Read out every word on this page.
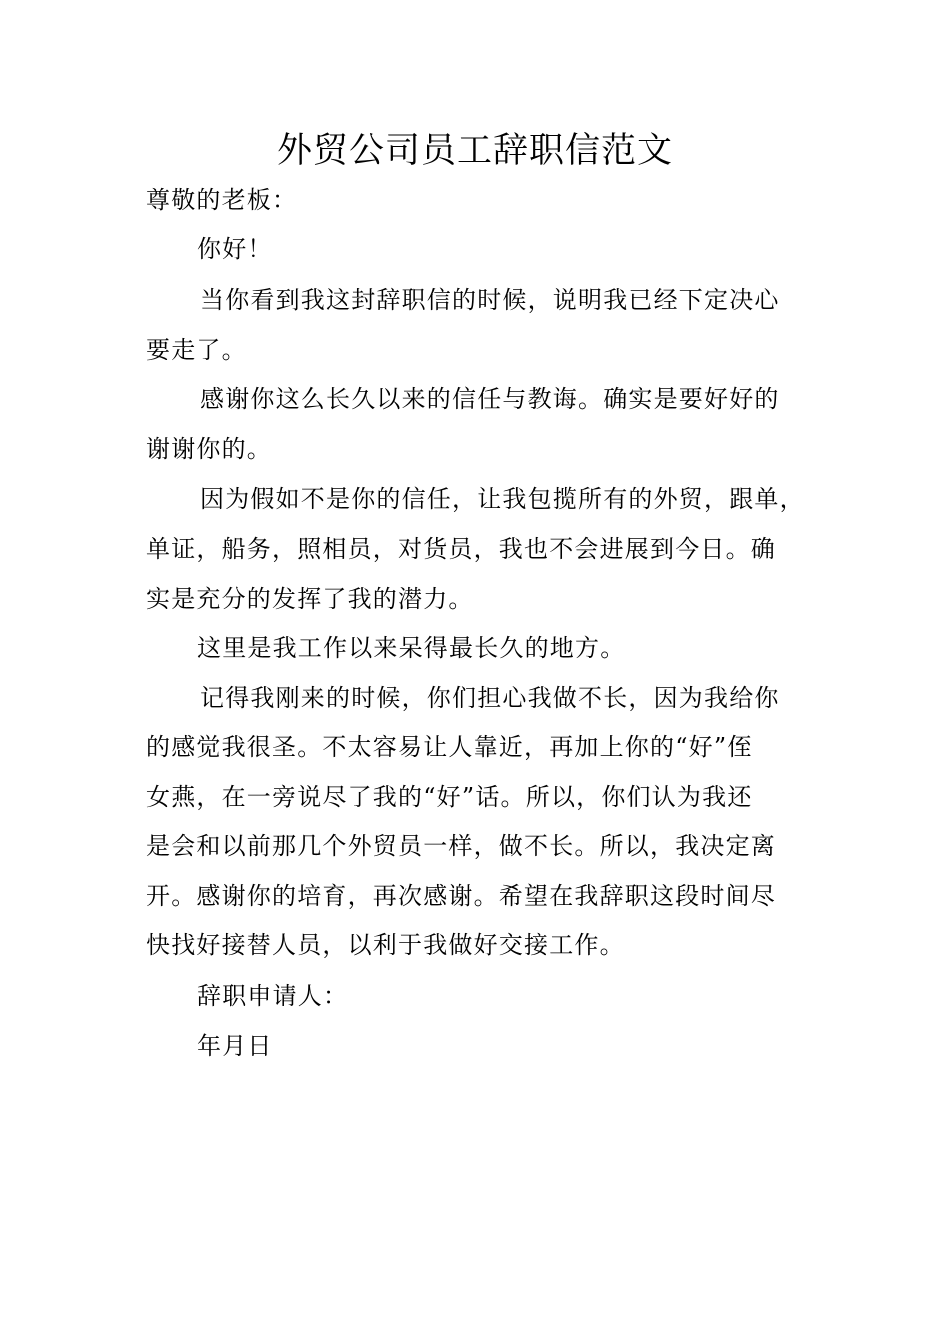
外贸公司员工辞职信范文

尊敬的老板：

你好！

当你看到我这封辞职信的时候，说明我已经下定决心

要走了。

感谢你这么长久以来的信任与教诲。确实是要好好的

谢谢你的。

因为假如不是你的信任，让我包揽所有的外贸，跟单，

单证，船务，照相员，对货员，我也不会进展到今日。确

实是充分的发挥了我的潜力。

这里是我工作以来呆得最长久的地方。

记得我刚来的时候，你们担心我做不长，因为我给你

的感觉我很圣。不太容易让人靠近，再加上你的“好”侄

女燕，在一旁说尽了我的“好”话。所以，你们认为我还

是会和以前那几个外贸员一样，做不长。所以，我决定离

开。感谢你的培育，再次感谢。希望在我辞职这段时间尽

快找好接替人员，以利于我做好交接工作。

辞职申请人：

年月日
